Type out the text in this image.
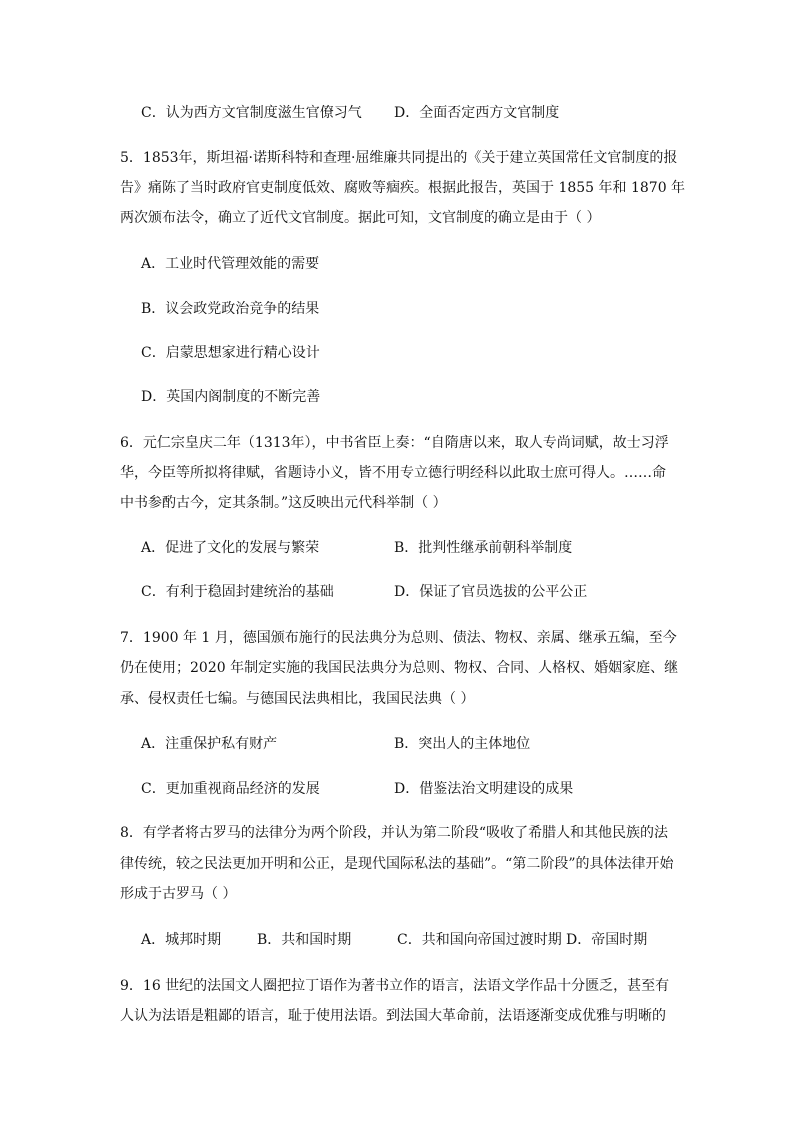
C．认为西方文官制度滋生官僚习气 D．全面否定西方文官制度
5．1853年，斯坦福·诺斯科特和查理·屈维廉共同提出的《关于建立英国常任文官制度的报
告》痛陈了当时政府官吏制度低效、腐败等痼疾。根据此报告，英国于 1855 年和 1870 年
两次颁布法令，确立了近代文官制度。据此可知，文官制度的确立是由于（ ）
A．工业时代管理效能的需要
B．议会政党政治竞争的结果
C．启蒙思想家进行精心设计
D．英国内阁制度的不断完善
6．元仁宗皇庆二年（1313年），中书省臣上奏：“自隋唐以来，取人专尚词赋，故士习浮
华，今臣等所拟将律赋，省题诗小义，皆不用专立德行明经科以此取士庶可得人。……命
中书参酌古今，定其条制。”这反映出元代科举制（ ）
A．促进了文化的发展与繁荣	B．批判性继承前朝科举制度
C．有利于稳固封建统治的基础	D．保证了官员选拔的公平公正
7．1900 年 1 月，德国颁布施行的民法典分为总则、债法、物权、亲属、继承五编，至今
仍在使用；2020 年制定实施的我国民法典分为总则、物权、合同、人格权、婚姻家庭、继
承、侵权责任七编。与德国民法典相比，我国民法典（ ）
A．注重保护私有财产	B．突出人的主体地位
C．更加重视商品经济的发展	D．借鉴法治文明建设的成果
8．有学者将古罗马的法律分为两个阶段，并认为第二阶段“吸收了希腊人和其他民族的法
律传统，较之民法更加开明和公正，是现代国际私法的基础”。“第二阶段”的具体法律开始
形成于古罗马（ ）
A．城邦时期	B．共和国时期	C．共和国向帝国过渡时期 D．帝国时期
9．16 世纪的法国文人圈把拉丁语作为著书立作的语言，法语文学作品十分匮乏，甚至有
人认为法语是粗鄙的语言，耻于使用法语。到法国大革命前，法语逐渐变成优雅与明晰的
